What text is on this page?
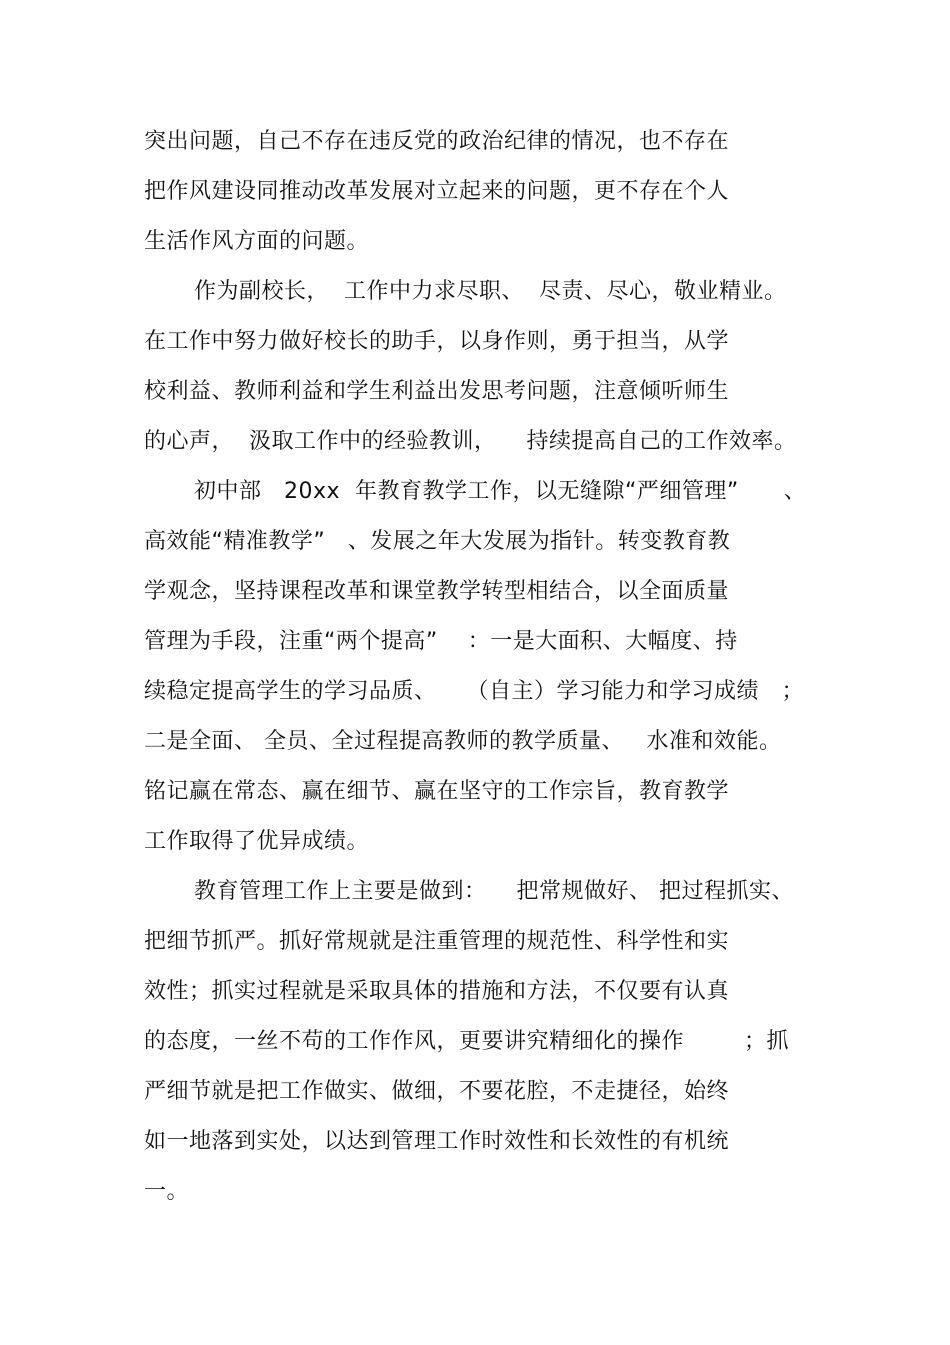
突出问题，自己不存在违反党的政治纪律的情况，也不存在
把作风建设同推动改革发展对立起来的问题，更不存在个人
生活作风方面的问题。
作为副校长，  工作中力求尽职、  尽责、尽心，敬业精业。
在工作中努力做好校长的助手，以身作则，勇于担当，从学
校利益、教师利益和学生利益出发思考问题，注意倾听师生
的心声，  汲取工作中的经验教训，    持续提高自己的工作效率。
初中部   20xx  年教育教学工作，以无缝隙“严细管理”      、
高效能“精准教学”   、发展之年大发展为指针。转变教育教
学观念，坚持课程改革和课堂教学转型相结合，以全面质量
管理为手段，注重“两个提高”    ：一是大面积、大幅度、持
续稳定提高学生的学习品质、    （自主）学习能力和学习成绩   ；
二是全面、 全员、全过程提高教师的教学质量、   水准和效能。
铭记赢在常态、赢在细节、赢在坚守的工作宗旨，教育教学
工作取得了优异成绩。
教育管理工作上主要是做到：    把常规做好、 把过程抓实、
把细节抓严。抓好常规就是注重管理的规范性、科学性和实
效性；抓实过程就是采取具体的措施和方法，不仅要有认真
的态度，一丝不苟的工作作风，更要讲究精细化的操作        ；抓
严细节就是把工作做实、做细，不要花腔，不走捷径，始终
如一地落到实处，以达到管理工作时效性和长效性的有机统
一。
